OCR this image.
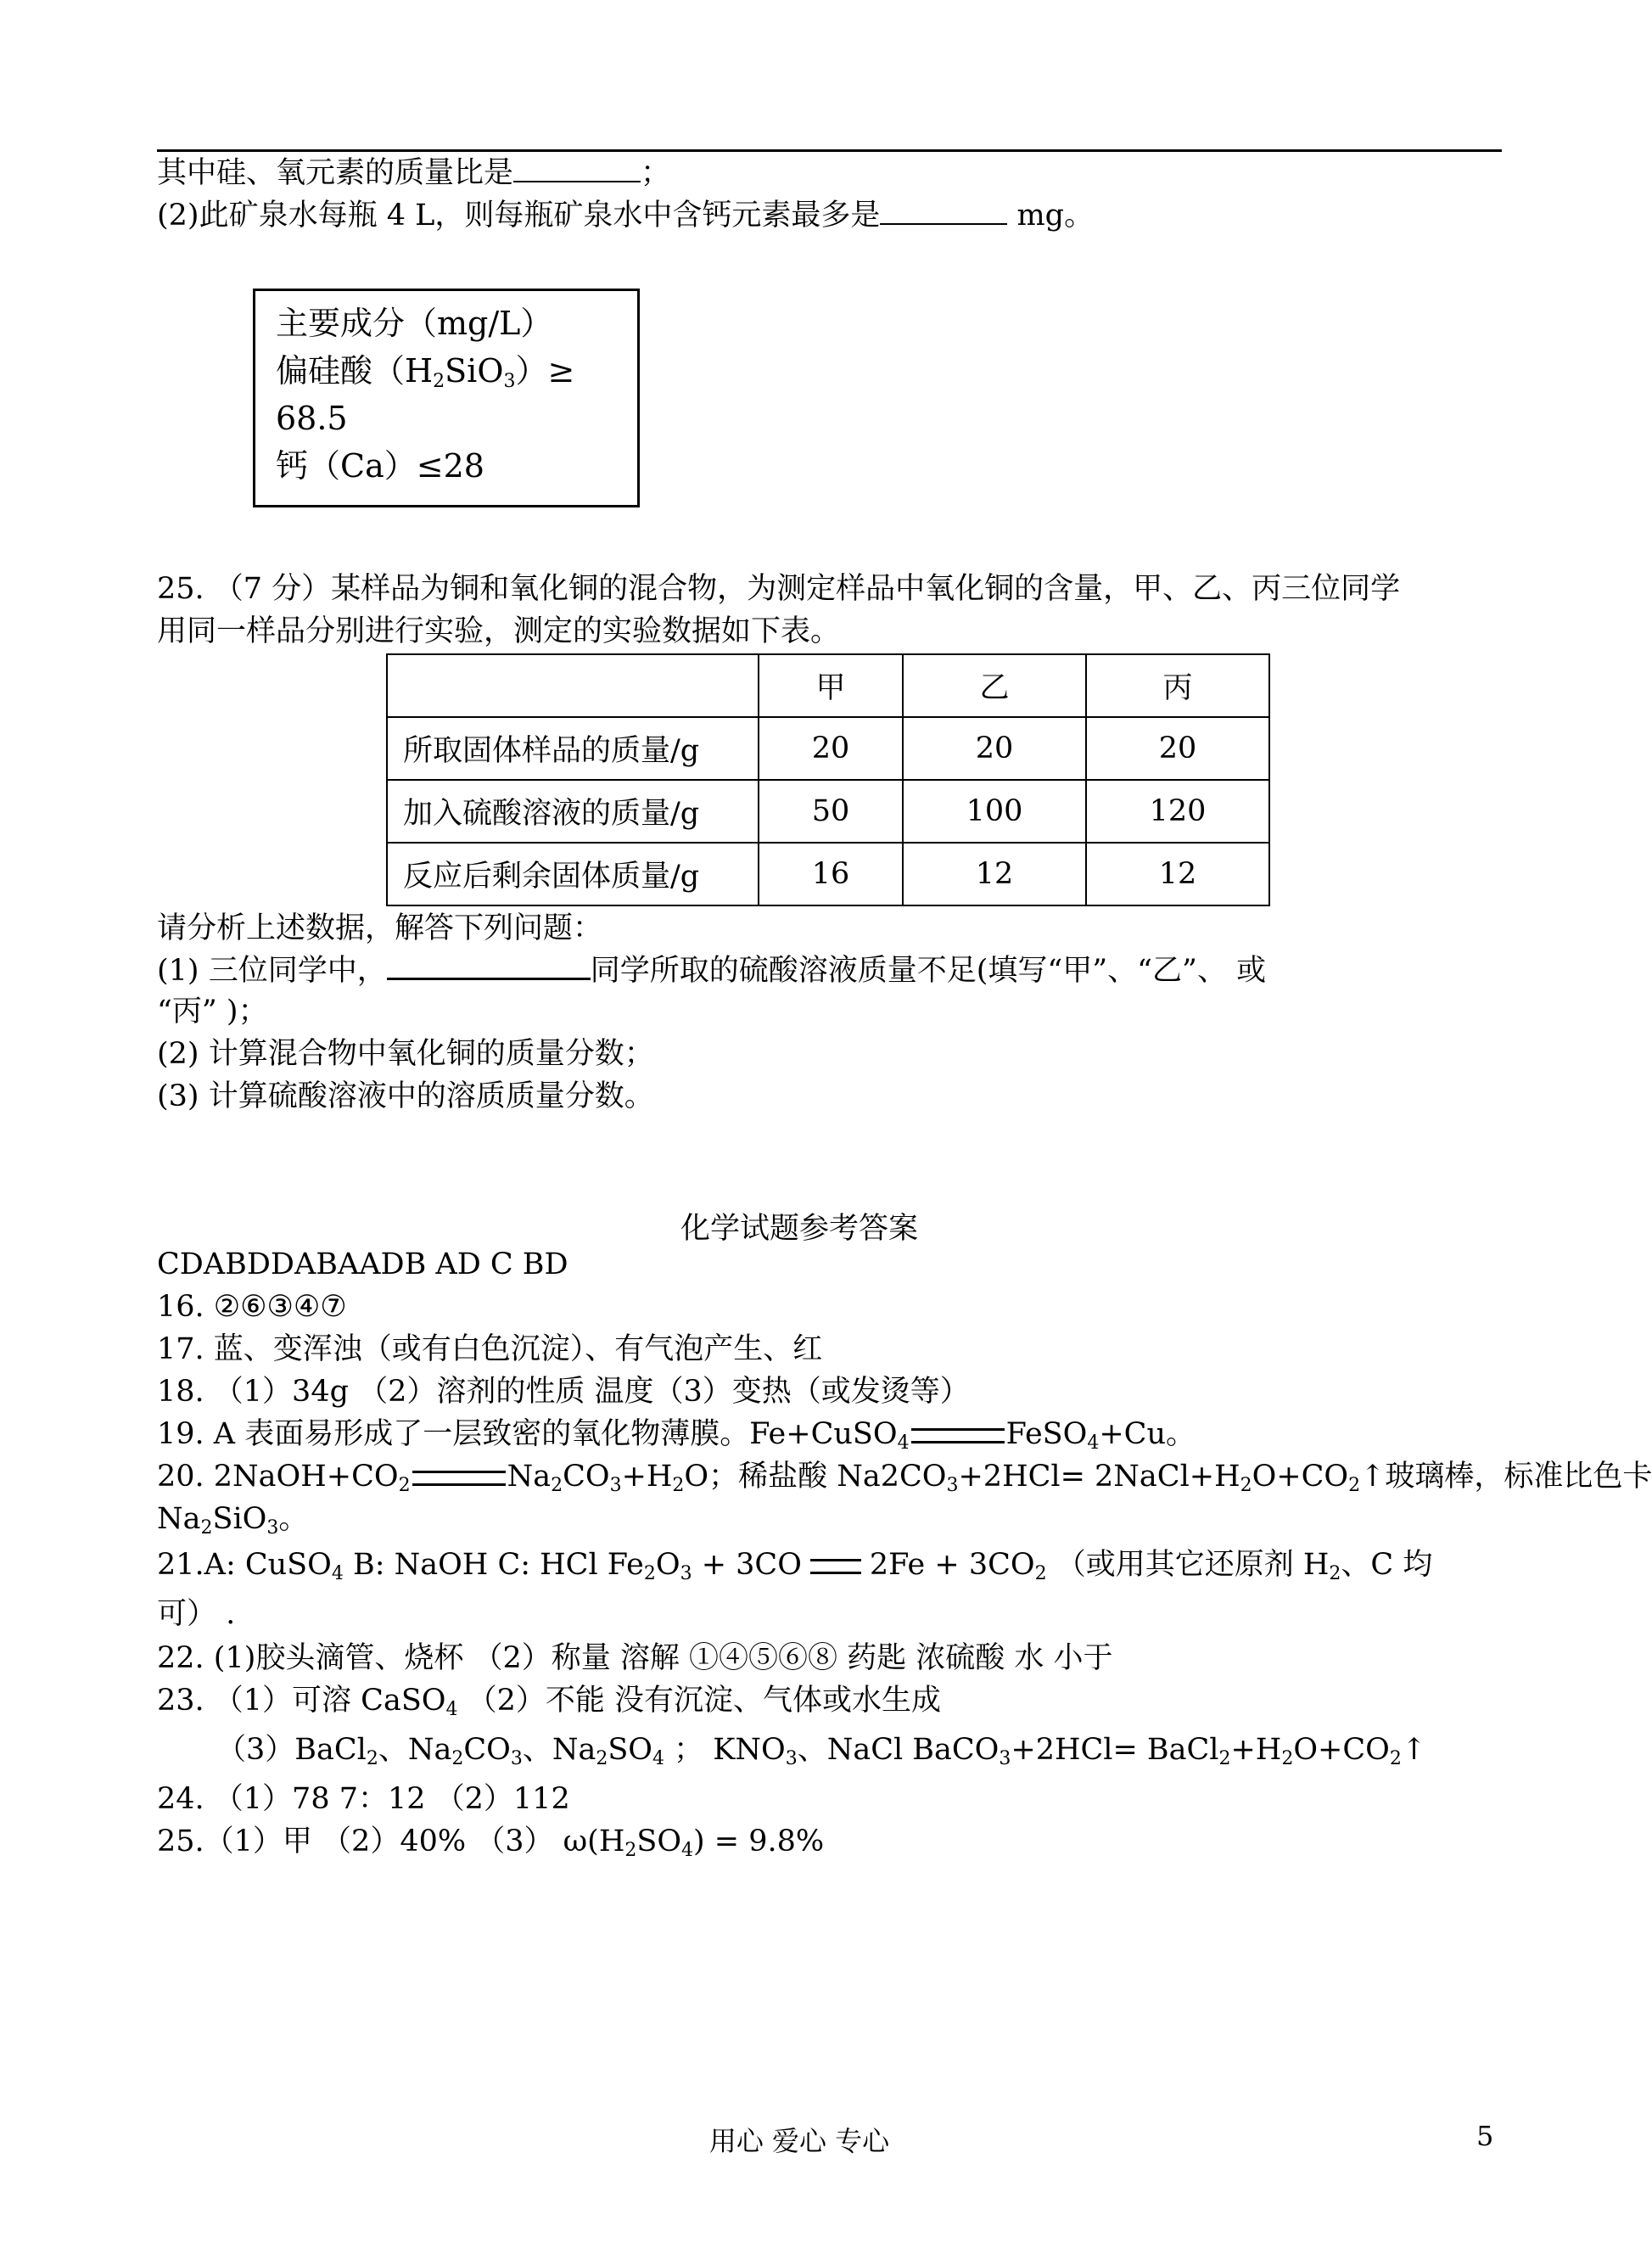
其中硅、氧元素的质量比是	；
(2)此矿泉水每瓶 4 L，则每瓶矿泉水中含钙元素最多是	mg。
主要成分（mg/L）
偏硅酸$(H_2SiO_3)\ge$
68.5
钙（Ca）≤28
25. （7 分）某样品为铜和氧化铜的混合物，为测定样品中氧化铜的含量，甲、乙、丙三位同学
用同一样品分别进行实验，测定的实验数据如下表。
	甲	乙	丙
所取固体样品的质量/g	20	20	20
加入硫酸溶液的质量/g	50	100	120
反应后剩余固体质量/g	16	12	12
请分析上述数据，解答下列问题：
(1) 三位同学中，	同学所取的硫酸溶液质量不足(填写“甲”、“乙”、 或
“丙” )；
(2) 计算混合物中氧化铜的质量分数；
(3) 计算硫酸溶液中的溶质质量分数。
化学试题参考答案
CDABDDABAADB AD C BD
16. ②⑥③④⑦
17. 蓝、变浑浊（或有白色沉淀）、有气泡产生、红
18. （1）34g （2）溶剂的性质 温度（3）变热（或发烫等）
19. A 表面易形成了一层致密的氧化物薄膜。Fe+CuSO$_4$	FeSO$_4$+Cu。
20. $2NaOH+CO_2$	$Na_2CO_3+H_2O$；稀盐酸 $Na2CO_3+2HCl=$ $2NaCl+H_2O+CO_2↑$玻璃棒，标准比色卡
$Na_2SiO_3$。
21.A: CuSO$_4$ B: NaOH C: HCl $Fe_2O_3 + 3CO$ $2Fe + 3CO_2$ （或用其它还原剂 $H_2$、C 均
可） .
22. (1)胶头滴管、烧杯 （2）称量 溶解 ①④⑤⑥⑧ 药匙 浓硫酸 水 小于
23. （1）可溶 CaSO$_4$ （2）不能 没有沉淀、气体或水生成
（3）BaCl$_2$、$Na_2CO_3$、$Na_2SO_4$ ； $KNO_3$、NaCl BaCO$_3$+2HCl= $BaCl_2+H_2O+CO_2↑$
24. （1）78 7：12 （2）112
25.（1）甲 （2）40% （3） $\omega(H_2SO_4) = 9.8\%$
用心 爱心 专心	5
